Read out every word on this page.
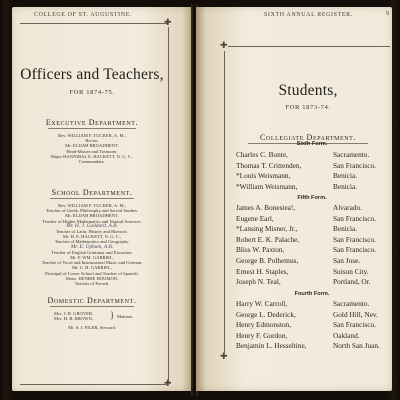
COLLEGE OF ST. AUGUSTINE.
✚
✚
Officers and Teachers,
FOR 1874-75.
Executive Department.
Rev. WILLIAM F. TUCKER, A. M.,
Rector.
Mr. ELIJAH BROADHENT,
Head-Master and Treasurer.
Major HANNIBAL E. HACKETT, N. G. C.,
Commandant.
School Department.
Rev. WILLIAM F. TUCKER, A. M.,
Teacher of Greek, Philosophy and Sacred Studies.
Mr. ELIJAH BROADHENT,
Teacher of Higher Mathematics and Natural Sciences.
Mr. H. J. Goddard, A.B.
Teacher of Latin, History and Rhetoric.
Mr. H. E. HACKETT, N. G. C.,
Teacher of Mathematics and Geography.
Mr. E. Upham, A.B.
Teacher of English Grammar and Elocution.
Mr. F. WM. GABRIEL,
Teacher of Vocal and Instrumental Music and German.
Mr. C. H. GABRIEL,
Principal of Lower School and Teacher of Spanish.
Mons. HENRIE HOUMON,
Teacher of French.
Domestic Department.
Mrs. J. B. GROVER,
Mrs. H. B. BROWN,	} Matrons.
Mr. S. J. FILER, Steward.
SIXTH ANNUAL REGISTER.	9
✚
✚
Students,
FOR 1873-74.
Collegiate Department.
Sixth Form.
Charles C. Bonte,	Sacramento.
Thomas T. Crittenden,	San Francisco.
*Louis Weismann,	Benicia.
*William Weismann,	Benicia.
Fifth Form.
James A. Bonestea!,	Alvarado.
Eugene Earl,	San Francisco.
*Lansing Misner, Jr.,	Benicia.
Robert E. K. Palache,	San Francisco.
Bliss W. Paxton,	San Francisco.
George B. Polhemus,	San Jose.
Ernest H. Staples,	Suisun City.
Joseph N. Teal,	Portland, Or.
Fourth Form.
Harry W. Carroll,	Sacramento.
George L. Dederick,	Gold Hill, Nev.
Henry Edmonston,	San Francisco.
Henry F. Gordon,	Oakland.
Benjamin L. Hesseltine,	North San Juan.
